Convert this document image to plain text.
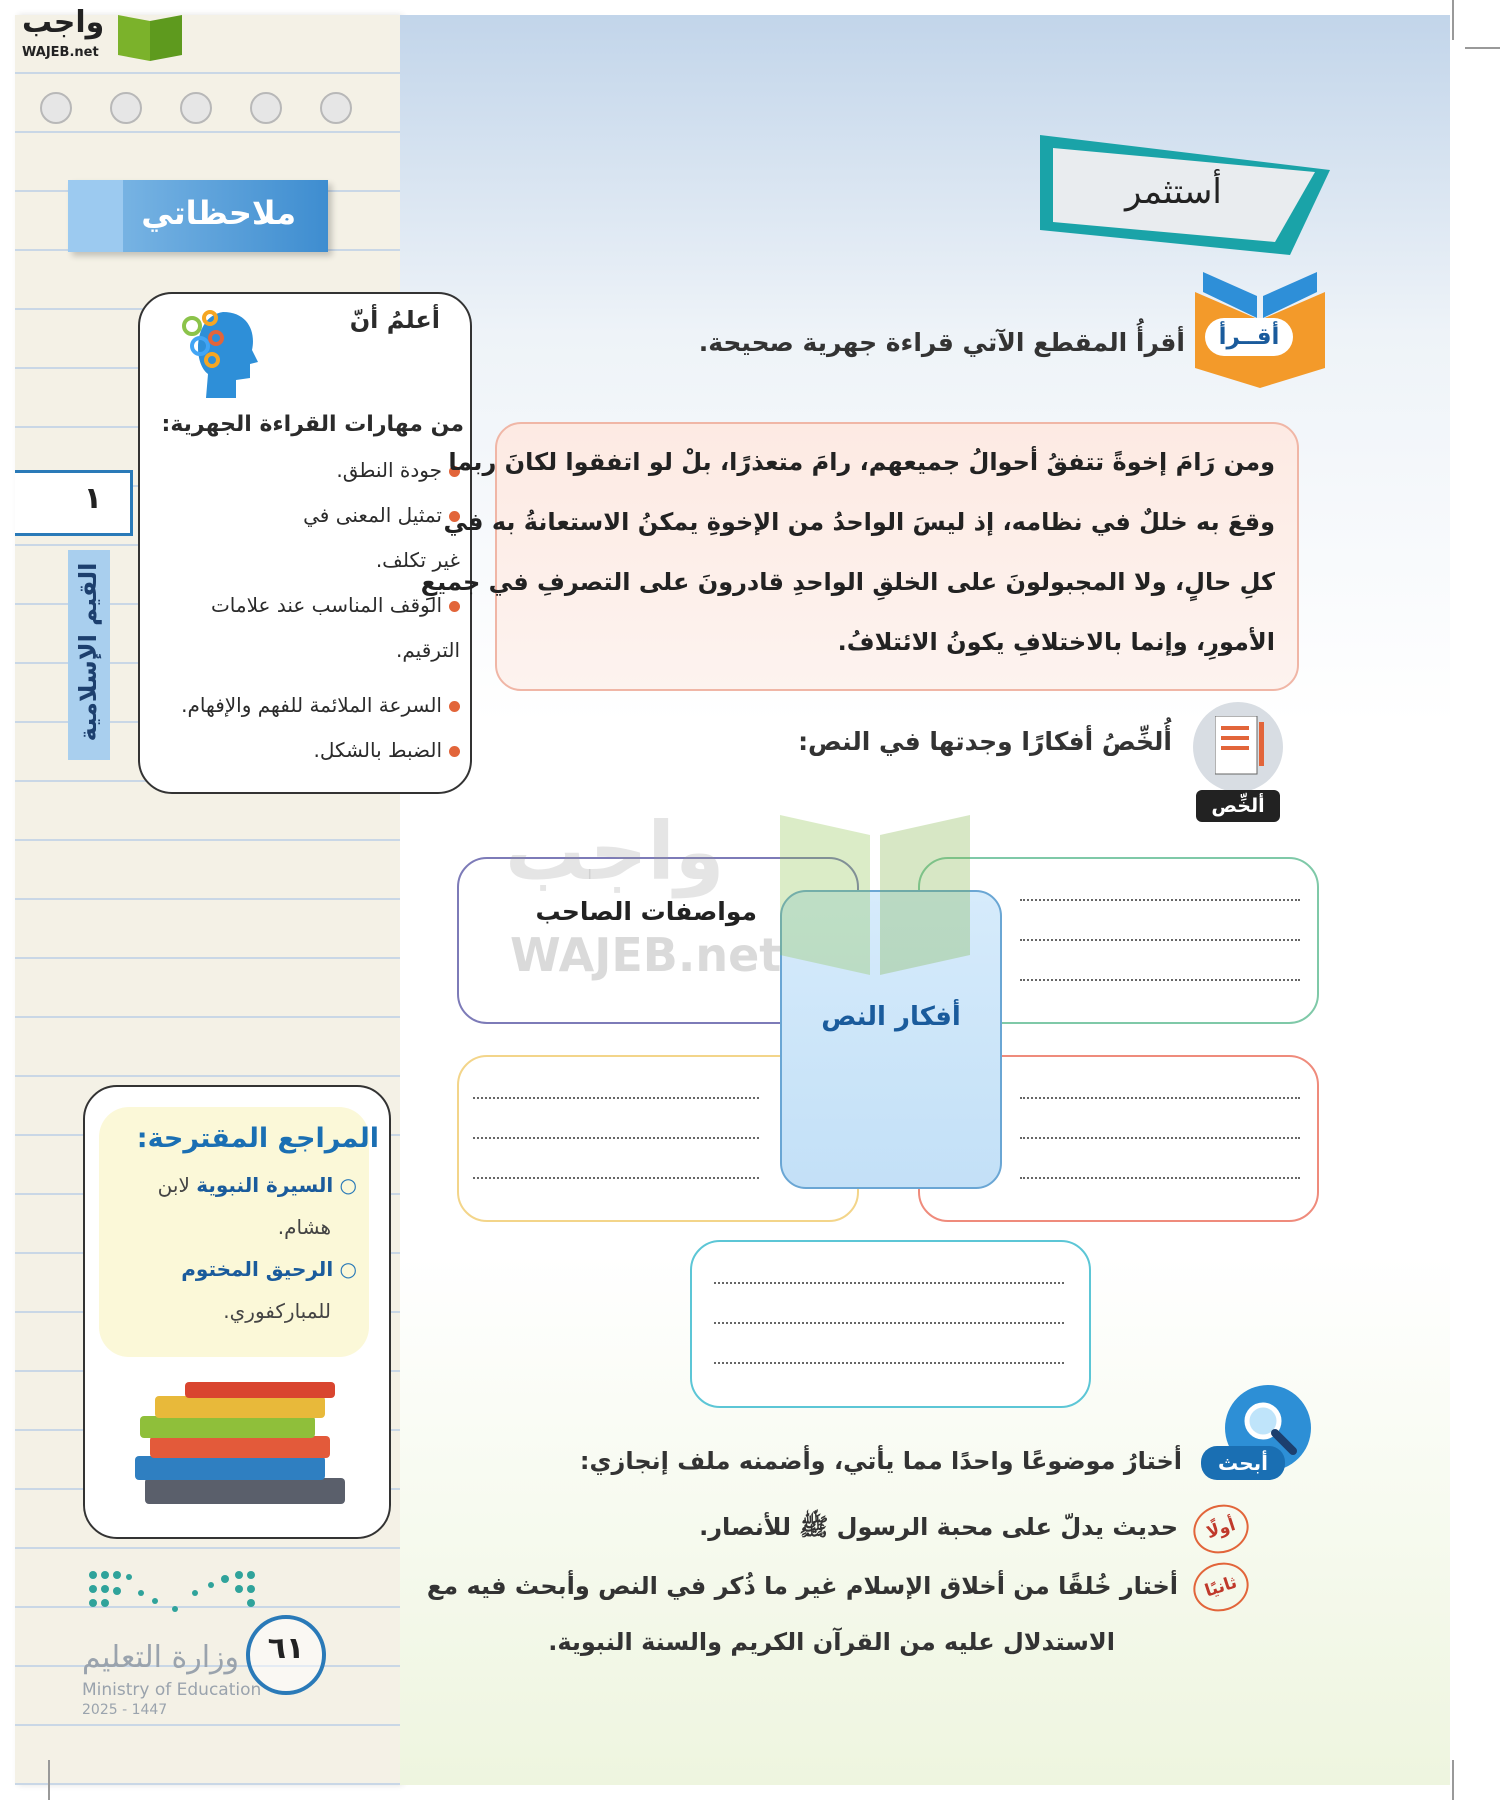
واجب
WAJEB.net
ملاحظاتي
أعلمُ أنّ
من مهارات القراءة الجهرية:
جودة النطق.
تمثيل المعنى في
غير تكلف.
الوقف المناسب عند علامات
الترقيم.
السرعة الملائمة للفهم والإفهام.
الضبط بالشكل.
١
القيم الإسلامية
المراجع المقترحة:
○ السيرة النبوية لابن
هشام.
○ الرحيق المختوم
للمباركفوري.
وزارة التعليم
Ministry of Education
2025 - 1447
٦١
أستثمر
أقــرأ
أقرأُ المقطع الآتي قراءة جهرية صحيحة.
ومن رَامَ إخوةً تتفقُ أحوالُ جميعهم، رامَ متعذرًا، بلْ لو اتفقوا لكانَ ربما
وقعَ به خللٌ في نظامه، إذ ليسَ الواحدُ من الإخوةِ يمكنُ الاستعانةُ به في
كلِ حالٍ، ولا المجبولونَ على الخلقِ الواحدِ قادرونَ على التصرفِ في جميعِ
الأمورِ، وإنما بالاختلافِ يكونُ الائتلافُ.
ألخِّص
أُلخِّصُ أفكارًا وجدتها في النص:
مواصفات الصاحب
أفكار النص
واجب
WAJEB.net
أبحث
أختارُ موضوعًا واحدًا مما يأتي، وأضمنه ملف إنجازي:
أولًا
حديث يدلّ على محبة الرسول ﷺ للأنصار.
ثانيًا
أختار خُلقًا من أخلاق الإسلام غير ما ذُكر في النص وأبحث فيه مع
الاستدلال عليه من القرآن الكريم والسنة النبوية.
